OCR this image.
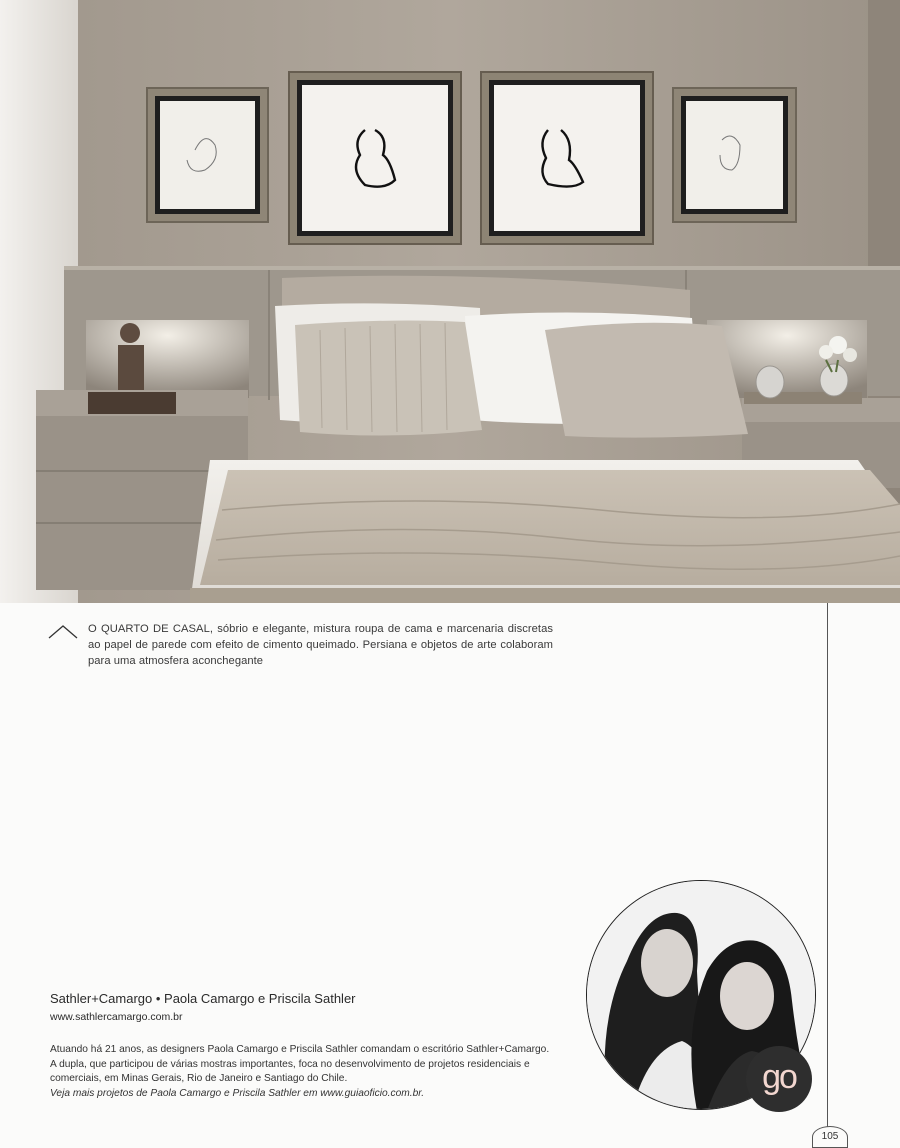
O QUARTO DE CASAL, sóbrio e elegante, mistura roupa de cama e marcenaria discretas ao papel de parede com efeito de cimento queimado. Persiana e objetos de arte colaboram para uma atmosfera aconchegante
Sathler+Camargo • Paola Camargo e Priscila Sathler
www.sathlercamargo.com.br

Atuando há 21 anos, as designers Paola Camargo e Priscila Sathler comandam o escritório Sathler+Camargo. A dupla, que participou de várias mostras importantes, foca no desenvolvimento de projetos residenciais e comerciais, em Minas Gerais, Rio de Janeiro e Santiago do Chile.

Veja mais projetos de Paola Camargo e Priscila Sathler em www.guiaoficio.com.br.	go
105
